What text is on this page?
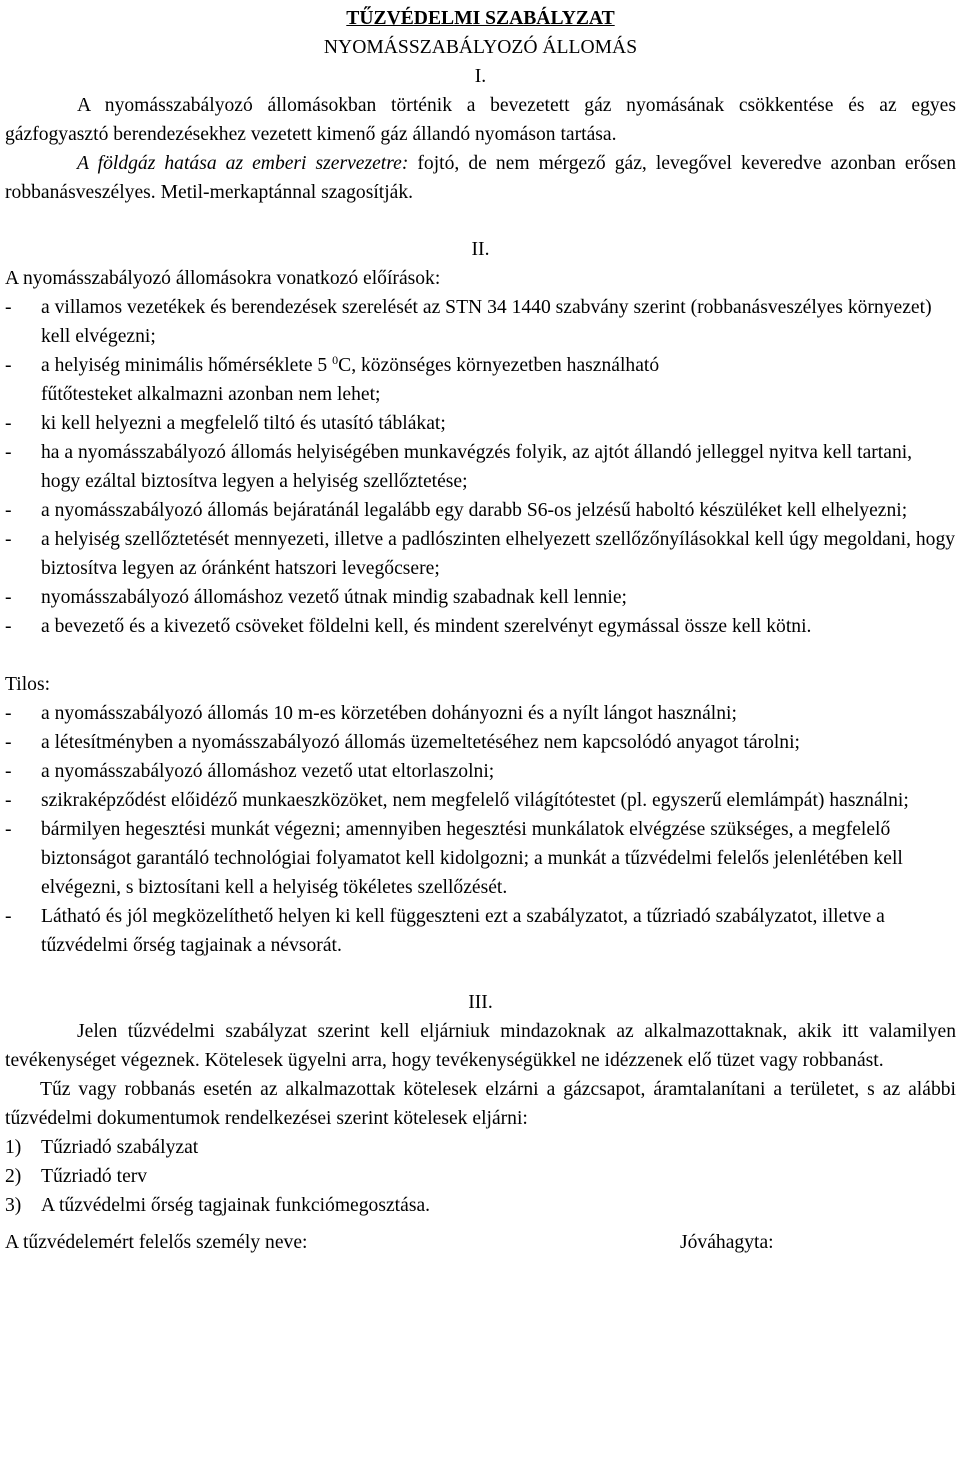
TŰZVÉDELMI SZABÁLYZAT
NYOMÁSSZABÁLYOZÓ ÁLLOMÁS
I.

A nyomásszabályozó állomásokban történik a bevezetett gáz nyomásának csökkentése és az egyes gázfogyasztó berendezésekhez vezetett kimenő gáz állandó nyomáson tartása.

A földgáz hatása az emberi szervezetre: fojtó, de nem mérgező gáz, levegővel keveredve azonban erősen robbanásveszélyes. Metil-merkaptánnal szagosítják.

II.

A nyomásszabályozó állomásokra vonatkozó előírások:

- a villamos vezetékek és berendezések szerelését az STN 34 1440 szabvány szerint (robbanásveszélyes környezet) kell elvégezni;
- a helyiség minimális hőmérséklete 5 $^0$C, közönséges környezetben használható
fűtőtesteket alkalmazni azonban nem lehet;
- ki kell helyezni a megfelelő tiltó és utasító táblákat;
- ha a nyomásszabályozó állomás helyiségében munkavégzés folyik, az ajtót állandó jelleggel nyitva kell tartani, hogy ezáltal biztosítva legyen a helyiség szellőztetése;
- a nyomásszabályozó állomás bejáratánál legalább egy darabb S6-os jelzésű haboltó készüléket kell elhelyezni;
- a helyiség szellőztetését mennyezeti, illetve a padlószinten elhelyezett szellőzőnyílásokkal kell úgy megoldani, hogy biztosítva legyen az óránként hatszori levegőcsere;
- nyomásszabályozó állomáshoz vezető útnak mindig szabadnak kell lennie;
- a bevezető és a kivezető csöveket földelni kell, és mindent szerelvényt egymással össze kell kötni.

Tilos:

- a nyomásszabályozó állomás 10 m-es körzetében dohányozni és a nyílt lángot használni;
- a létesítményben a nyomásszabályozó állomás üzemeltetéséhez nem kapcsolódó anyagot tárolni;
- a nyomásszabályozó állomáshoz vezető utat eltorlaszolni;
- szikraképződést előidéző munkaeszközöket, nem megfelelő világítótestet (pl. egyszerű elemlámpát) használni;
- bármilyen hegesztési munkát végezni; amennyiben hegesztési munkálatok elvégzése szükséges, a megfelelő biztonságot garantáló technológiai folyamatot kell kidolgozni; a munkát a tűzvédelmi felelős jelenlétében kell elvégezni, s biztosítani kell a helyiség tökéletes szellőzését.
- Látható és jól megközelíthető helyen ki kell függeszteni ezt a szabályzatot, a tűzriadó szabályzatot, illetve a tűzvédelmi őrség tagjainak a névsorát.
III.

Jelen tűzvédelmi szabályzat szerint kell eljárniuk mindazoknak az alkalmazottaknak, akik itt valamilyen tevékenységet végeznek. Kötelesek ügyelni arra, hogy tevékenységükkel ne idézzenek elő tüzet vagy robbanást.

Tűz vagy robbanás esetén az alkalmazottak kötelesek elzárni a gázcsapot, áramtalanítani a területet, s az alábbi tűzvédelmi dokumentumok rendelkezései szerint kötelesek eljárni:

1) Tűzriadó szabályzat
2) Tűzriadó terv
3) A tűzvédelmi őrség tagjainak funkciómegosztása.
A tűzvédelemért felelős személy neve:	Jóváhagyta:
